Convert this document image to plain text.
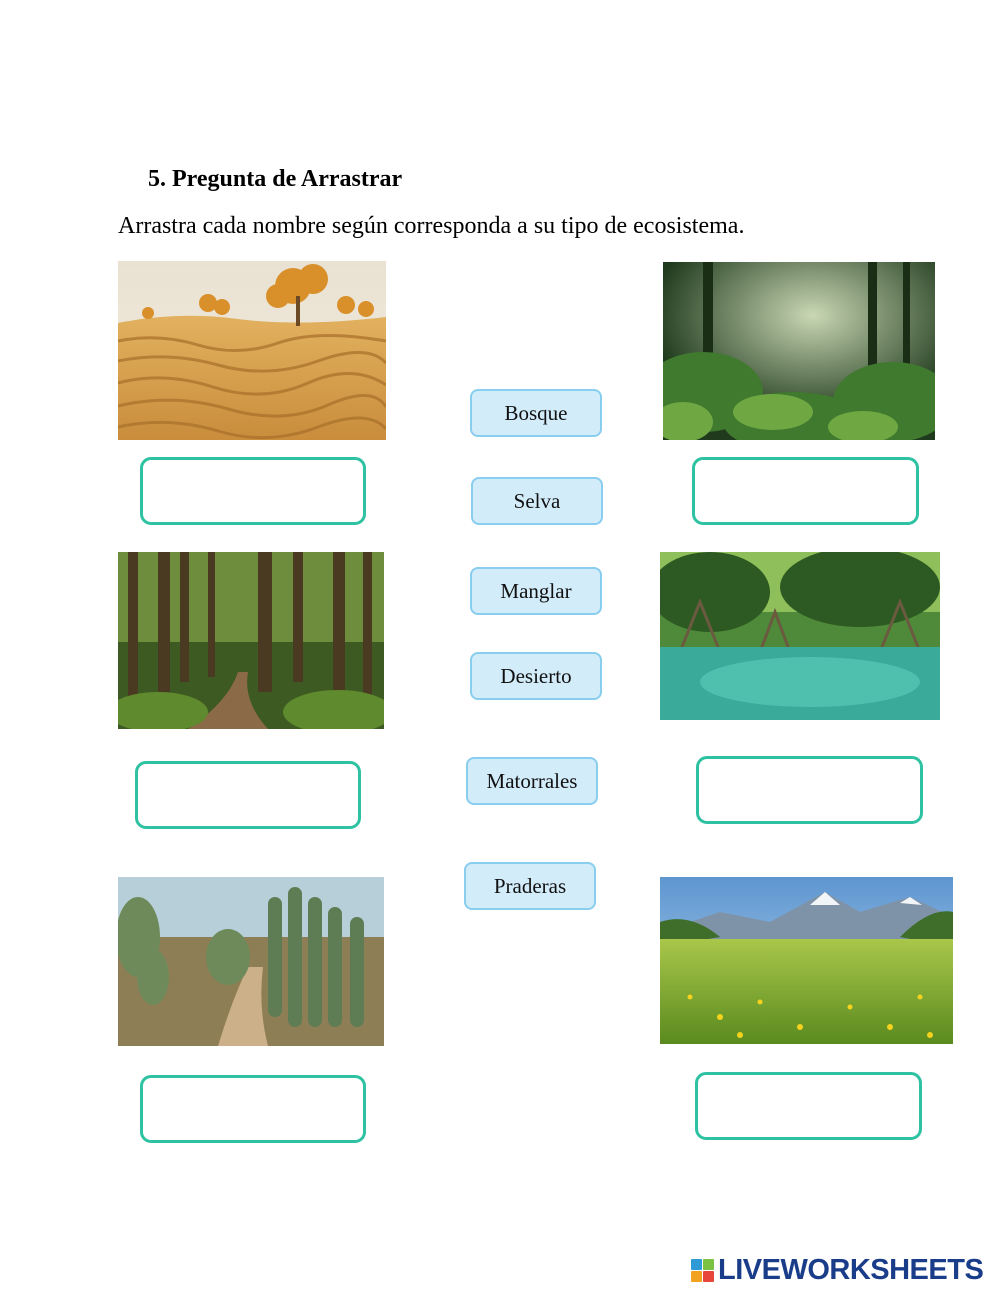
5. Pregunta de Arrastrar

Arrastra cada nombre según corresponda a su tipo de ecosistema.

Bosque
Selva
Manglar
Desierto
Matorrales
Praderas
LIVEWORKSHEETS
